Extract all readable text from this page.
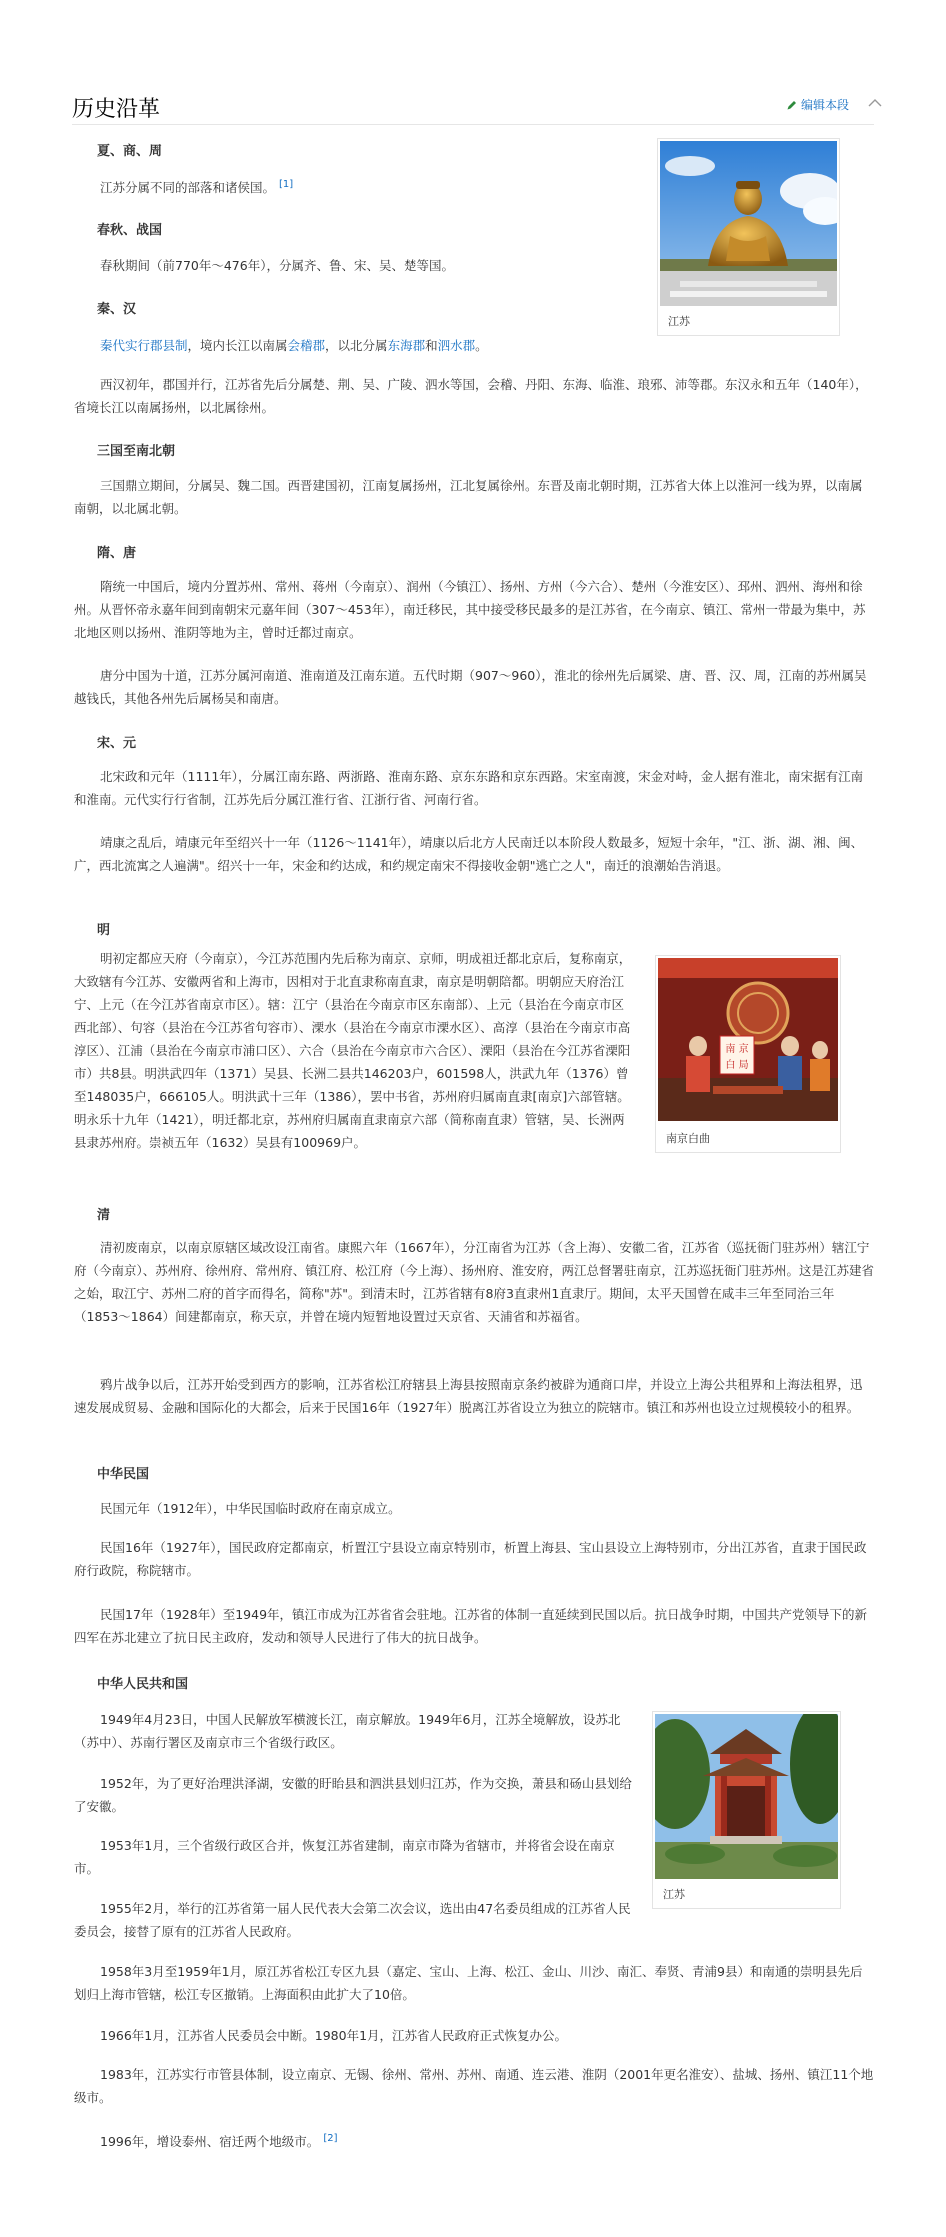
历史沿革	编辑本段
江苏
夏、商、周

江苏分属不同的部落和诸侯国。 [1]

春秋、战国

春秋期间（前770年～476年），分属齐、鲁、宋、吴、楚等国。

秦、汉

秦代实行郡县制，境内长江以南属会稽郡，以北分属东海郡和泗水郡。

西汉初年，郡国并行，江苏省先后分属楚、荆、吴、广陵、泗水等国，会稽、丹阳、东海、临淮、琅邪、沛等郡。东汉永和五年（140年），省境长江以南属扬州，以北属徐州。

三国至南北朝

三国鼎立期间，分属吴、魏二国。西晋建国初，江南复属扬州，江北复属徐州。东晋及南北朝时期，江苏省大体上以淮河一线为界，以南属南朝，以北属北朝。

隋、唐

隋统一中国后，境内分置苏州、常州、蒋州（今南京）、润州（今镇江）、扬州、方州（今六合）、楚州（今淮安区）、邳州、泗州、海州和徐州。从晋怀帝永嘉年间到南朝宋元嘉年间（307～453年），南迁移民，其中接受移民最多的是江苏省，在今南京、镇江、常州一带最为集中，苏北地区则以扬州、淮阴等地为主，曾时迁都过南京。

唐分中国为十道，江苏分属河南道、淮南道及江南东道。五代时期（907～960），淮北的徐州先后属梁、唐、晋、汉、周，江南的苏州属吴越钱氏，其他各州先后属杨吴和南唐。

宋、元

北宋政和元年（1111年），分属江南东路、两浙路、淮南东路、京东东路和京东西路。宋室南渡，宋金对峙，金人据有淮北，南宋据有江南和淮南。元代实行行省制，江苏先后分属江淮行省、江浙行省、河南行省。

靖康之乱后，靖康元年至绍兴十一年（1126～1141年），靖康以后北方人民南迁以本阶段人数最多，短短十余年，"江、浙、湖、湘、闽、广，西北流寓之人遍满"。绍兴十一年，宋金和约达成，和约规定南宋不得接收金朝"逃亡之人"，南迁的浪潮始告消退。

明
南 京
白 局
南京白曲

明初定都应天府（今南京），今江苏范围内先后称为南京、京师，明成祖迁都北京后，复称南京，大致辖有今江苏、安徽两省和上海市，因相对于北直隶称南直隶，南京是明朝陪都。明朝应天府治江宁、上元（在今江苏省南京市区）。辖：江宁（县治在今南京市区东南部）、上元（县治在今南京市区西北部）、句容（县治在今江苏省句容市）、溧水（县治在今南京市溧水区）、高淳（县治在今南京市高淳区）、江浦（县治在今南京市浦口区）、六合（县治在今南京市六合区）、溧阳（县治在今江苏省溧阳市）共8县。明洪武四年（1371）吴县、长洲二县共146203户，601598人，洪武九年（1376）曾至148035户，666105人。明洪武十三年（1386），罢中书省，苏州府归属南直隶[南京]六部管辖。明永乐十九年（1421），明迁都北京，苏州府归属南直隶南京六部（简称南直隶）管辖，吴、长洲两县隶苏州府。崇祯五年（1632）吴县有100969户。

清

清初废南京，以南京原辖区域改设江南省。康熙六年（1667年），分江南省为江苏（含上海）、安徽二省，江苏省（巡抚衙门驻苏州）辖江宁府（今南京）、苏州府、徐州府、常州府、镇江府、松江府（今上海）、扬州府、淮安府，两江总督署驻南京，江苏巡抚衙门驻苏州。这是江苏建省之始，取江宁、苏州二府的首字而得名，简称"苏"。到清末时，江苏省辖有8府3直隶州1直隶厅。期间，太平天国曾在咸丰三年至同治三年（1853～1864）间建都南京，称天京，并曾在境内短暂地设置过天京省、天浦省和苏福省。

鸦片战争以后，江苏开始受到西方的影响，江苏省松江府辖县上海县按照南京条约被辟为通商口岸，并设立上海公共租界和上海法租界，迅速发展成贸易、金融和国际化的大都会，后来于民国16年（1927年）脱离江苏省设立为独立的院辖市。镇江和苏州也设立过规模较小的租界。

中华民国

民国元年（1912年），中华民国临时政府在南京成立。

民国16年（1927年），国民政府定都南京，析置江宁县设立南京特别市，析置上海县、宝山县设立上海特别市，分出江苏省，直隶于国民政府行政院，称院辖市。

民国17年（1928年）至1949年，镇江市成为江苏省省会驻地。江苏省的体制一直延续到民国以后。抗日战争时期，中国共产党领导下的新四军在苏北建立了抗日民主政府，发动和领导人民进行了伟大的抗日战争。

中华人民共和国
江苏

1949年4月23日，中国人民解放军横渡长江，南京解放。1949年6月，江苏全境解放，设苏北（苏中）、苏南行署区及南京市三个省级行政区。

1952年，为了更好治理洪泽湖，安徽的盱眙县和泗洪县划归江苏，作为交换，萧县和砀山县划给了安徽。

1953年1月，三个省级行政区合并，恢复江苏省建制，南京市降为省辖市，并将省会设在南京市。

1955年2月，举行的江苏省第一届人民代表大会第二次会议，选出由47名委员组成的江苏省人民委员会，接替了原有的江苏省人民政府。

1958年3月至1959年1月，原江苏省松江专区九县（嘉定、宝山、上海、松江、金山、川沙、南汇、奉贤、青浦9县）和南通的崇明县先后划归上海市管辖，松江专区撤销。上海面积由此扩大了10倍。

1966年1月，江苏省人民委员会中断。1980年1月，江苏省人民政府正式恢复办公。

1983年，江苏实行市管县体制，设立南京、无锡、徐州、常州、苏州、南通、连云港、淮阴（2001年更名淮安）、盐城、扬州、镇江11个地级市。

1996年，增设泰州、宿迁两个地级市。 [2]
